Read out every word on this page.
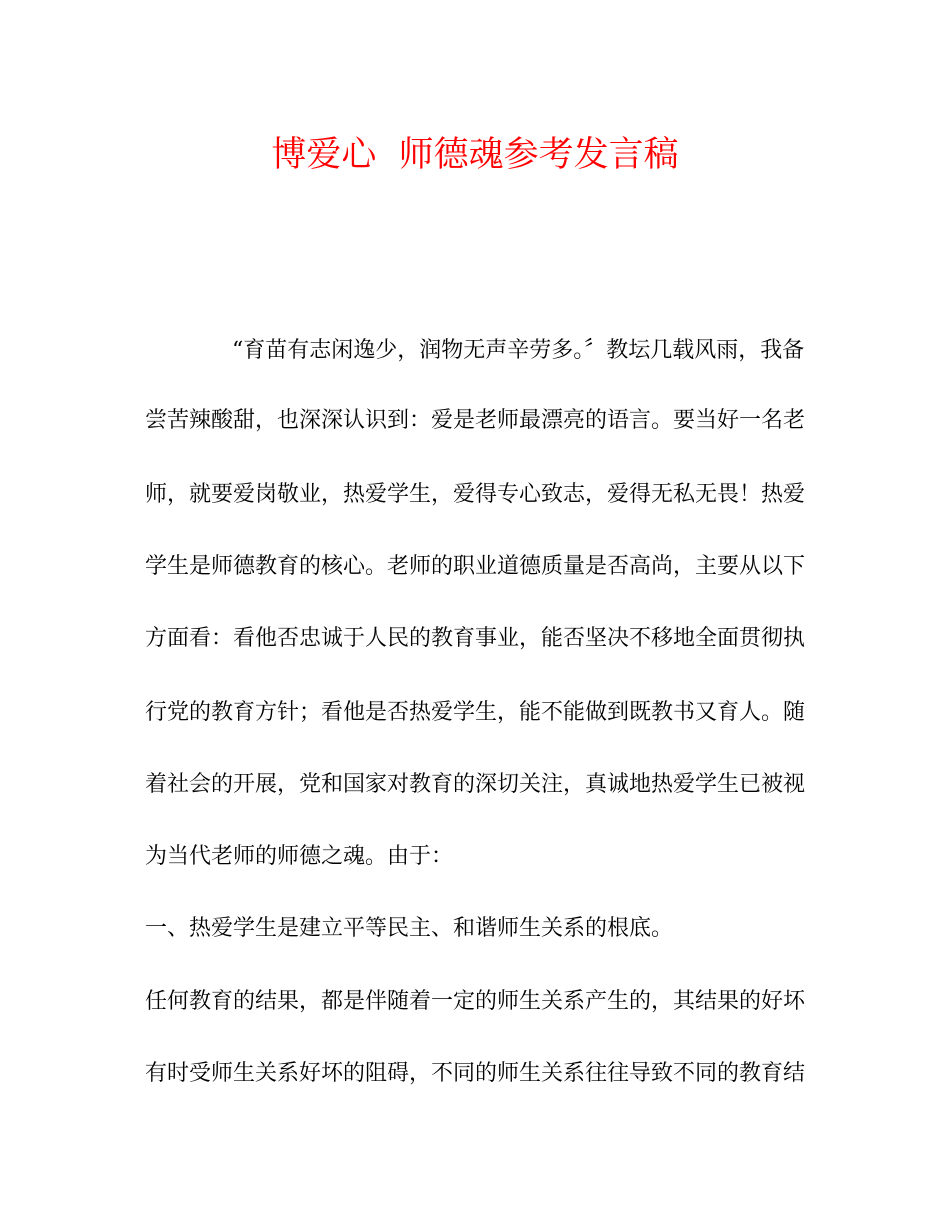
博爱心  师德魂参考发言稿
“育苗有志闲逸少，润物无声辛劳多。〞教坛几载风雨，我备
尝苦辣酸甜，也深深认识到：爱是老师最漂亮的语言。要当好一名老
师，就要爱岗敬业，热爱学生，爱得专心致志，爱得无私无畏！热爱
学生是师德教育的核心。老师的职业道德质量是否高尚，主要从以下
方面看：看他否忠诚于人民的教育事业，能否坚决不移地全面贯彻执
行党的教育方针；看他是否热爱学生，能不能做到既教书又育人。随
着社会的开展，党和国家对教育的深切关注，真诚地热爱学生已被视
为当代老师的师德之魂。由于：
一、热爱学生是建立平等民主、和谐师生关系的根底。
任何教育的结果，都是伴随着一定的师生关系产生的，其结果的好坏
有时受师生关系好坏的阻碍，不同的师生关系往往导致不同的教育结
